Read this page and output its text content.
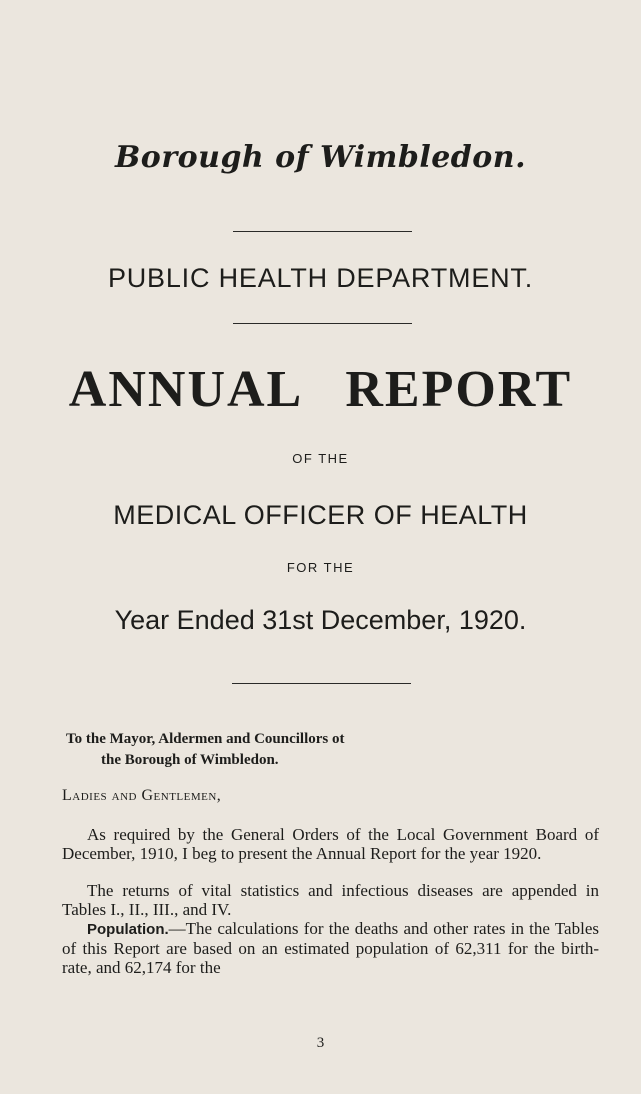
Borough of Wimbledon.
PUBLIC HEALTH DEPARTMENT.
ANNUAL REPORT
OF THE
MEDICAL OFFICER OF HEALTH
FOR THE
Year Ended 31st December, 1920.
To the Mayor, Aldermen and Councillors ot
the Borough of Wimbledon.
Ladies and Gentlemen,
As required by the General Orders of the Local Government Board of December, 1910, I beg to present the Annual Report for the year 1920.
The returns of vital statistics and infectious diseases are appended in Tables I., II., III., and IV.
Population.—The calculations for the deaths and other rates in the Tables of this Report are based on an estimated population of 62,311 for the birth-rate, and 62,174 for the
3
